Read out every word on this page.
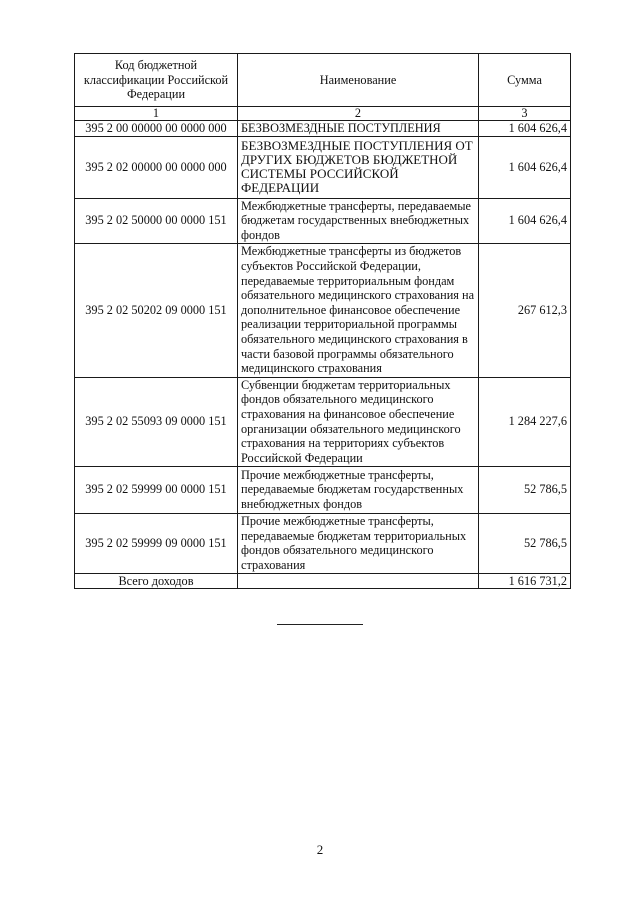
Код бюджетной классификации Российской Федерации	Наименование	Сумма
1	2	3
395 2 00 00000 00 0000 000	БЕЗВОЗМЕЗДНЫЕ ПОСТУПЛЕНИЯ	1 604 626,4
395 2 02 00000 00 0000 000	БЕЗВОЗМЕЗДНЫЕ ПОСТУПЛЕНИЯ ОТ ДРУГИХ БЮДЖЕТОВ БЮДЖЕТНОЙ СИСТЕМЫ РОССИЙСКОЙ ФЕДЕРАЦИИ	1 604 626,4
395 2 02 50000 00 0000 151	Межбюджетные трансферты, передаваемые бюджетам государственных внебюджетных фондов	1 604 626,4
395 2 02 50202 09 0000 151	Межбюджетные трансферты из бюджетов субъектов Российской Федерации, передаваемые территориальным фондам обязательного медицинского страхования на дополнительное финансовое обеспечение реализации территориальной программы обязательного медицинского страхования в части базовой программы обязательного медицинского страхования	267 612,3
395 2 02 55093 09 0000 151	Субвенции бюджетам территориальных фондов обязательного медицинского страхования на финансовое обеспечение организации обязательного медицинского страхования на территориях субъектов Российской Федерации	1 284 227,6
395 2 02 59999 00 0000 151	Прочие межбюджетные трансферты, передаваемые бюджетам государственных внебюджетных фондов	52 786,5
395 2 02 59999 09 0000 151	Прочие межбюджетные трансферты, передаваемые бюджетам территориальных фондов обязательного медицинского страхования	52 786,5
Всего доходов		1 616 731,2
2
